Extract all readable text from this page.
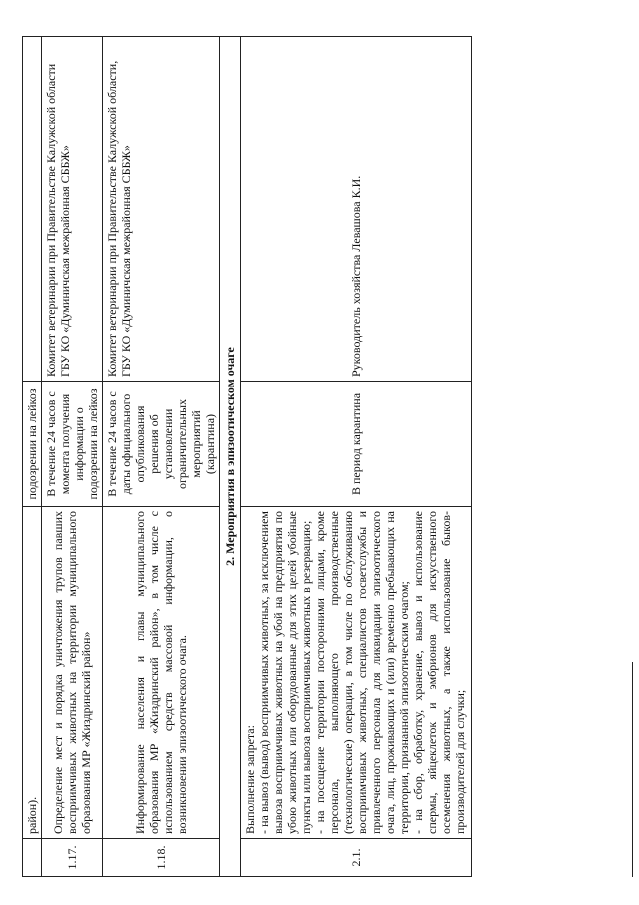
	район).	подозрении на лейкоз	
1.17.	Определение мест и порядка уничтожения трупов павших восприимчивых животных на территории муниципального образования МР «Жиздринский район»	В течение 24 часов с момента получения информации о подозрении на лейкоз	Комитет ветеринарии при Правительстве Калужской области
ГБУ КО «Думиничская межрайонная СББЖ»
1.18.	Информирование населения и главы муниципального образования МР «Жиздринский район», в том числе с использованием средств массовой информации, о возникновении эпизоотического очага.	В течение 24 часов с даты официального опубликования решения об установлении ограничительных мероприятий (карантина)	Комитет ветеринарии при Правительстве Калужской области,
ГБУ КО «Думиничская межрайонная СББЖ»
2. Мероприятия в эпизоотическом очаге			
2.1.	Выполнение запрета:
- на вывоз (вывод) восприимчивых животных, за исключением вывоза восприимчивых животных на убой на предприятия по убою животных или оборудованные для этих целей убойные пункты или вывоза восприимчивых животных в резервацию;
- на посещение территории посторонними лицами, кроме персонала, выполняющего производственные (технологические) операции, в том числе по обслуживанию восприимчивых животных, специалистов госветслужбы и привлеченного персонала для ликвидации эпизоотического очага, лиц, проживающих и (или) временно пребывающих на территории, признанной эпизоотическим очагом;
- на сбор, обработку, хранение, вывоз и использование спермы, яйцеклеток и эмбрионов для искусственного осеменения животных, а также использование быков-производителей для случки;	В период карантина	Руководитель хозяйства Левашова К.И.
